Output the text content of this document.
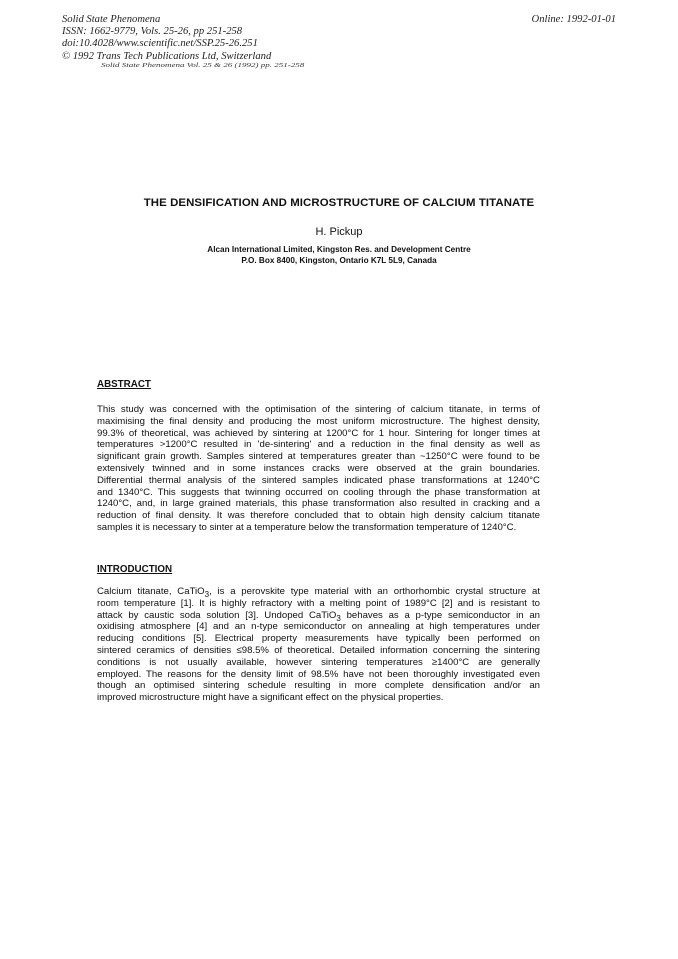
Solid State Phenomena
ISSN: 1662-9779, Vols. 25-26, pp 251-258
doi:10.4028/www.scientific.net/SSP.25-26.251
© 1992 Trans Tech Publications Ltd, Switzerland
Online: 1992-01-01
Solid State Phenomena Vol. 25 & 26 (1992) pp. 251-258
THE DENSIFICATION AND MICROSTRUCTURE OF CALCIUM TITANATE
H. Pickup
Alcan International Limited, Kingston Res. and Development Centre
P.O. Box 8400, Kingston, Ontario K7L 5L9, Canada
ABSTRACT
This study was concerned with the optimisation of the sintering of calcium titanate, in terms of
maximising the final density and producing the most uniform microstructure. The highest density,
99.3% of theoretical, was achieved by sintering at 1200°C for 1 hour. Sintering for longer times at
temperatures >1200°C resulted in 'de-sintering' and a reduction in the final density as well as
significant grain growth. Samples sintered at temperatures greater than ~1250°C were found to be
extensively twinned and in some instances cracks were observed at the grain boundaries.
Differential thermal analysis of the sintered samples indicated phase transformations at 1240°C
and 1340°C. This suggests that twinning occurred on cooling through the phase transformation at
1240°C, and, in large grained materials, this phase transformation also resulted in cracking and a
reduction of final density. It was therefore concluded that to obtain high density calcium titanate
samples it is necessary to sinter at a temperature below the transformation temperature of 1240°C.
INTRODUCTION
Calcium titanate, CaTiO$_3$, is a perovskite type material with an orthorhombic crystal structure at
room temperature [1]. It is highly refractory with a melting point of 1989°C [2] and is resistant to
attack by caustic soda solution [3]. Undoped CaTiO$_3$ behaves as a p-type semiconductor in an
oxidising atmosphere [4] and an n-type semiconductor on annealing at high temperatures under
reducing conditions [5]. Electrical property measurements have typically been performed on
sintered ceramics of densities ≤98.5% of theoretical. Detailed information concerning the sintering
conditions is not usually available, however sintering temperatures ≥1400°C are generally
employed. The reasons for the density limit of 98.5% have not been thoroughly investigated even
though an optimised sintering schedule resulting in more complete densification and/or an
improved microstructure might have a significant effect on the physical properties.
